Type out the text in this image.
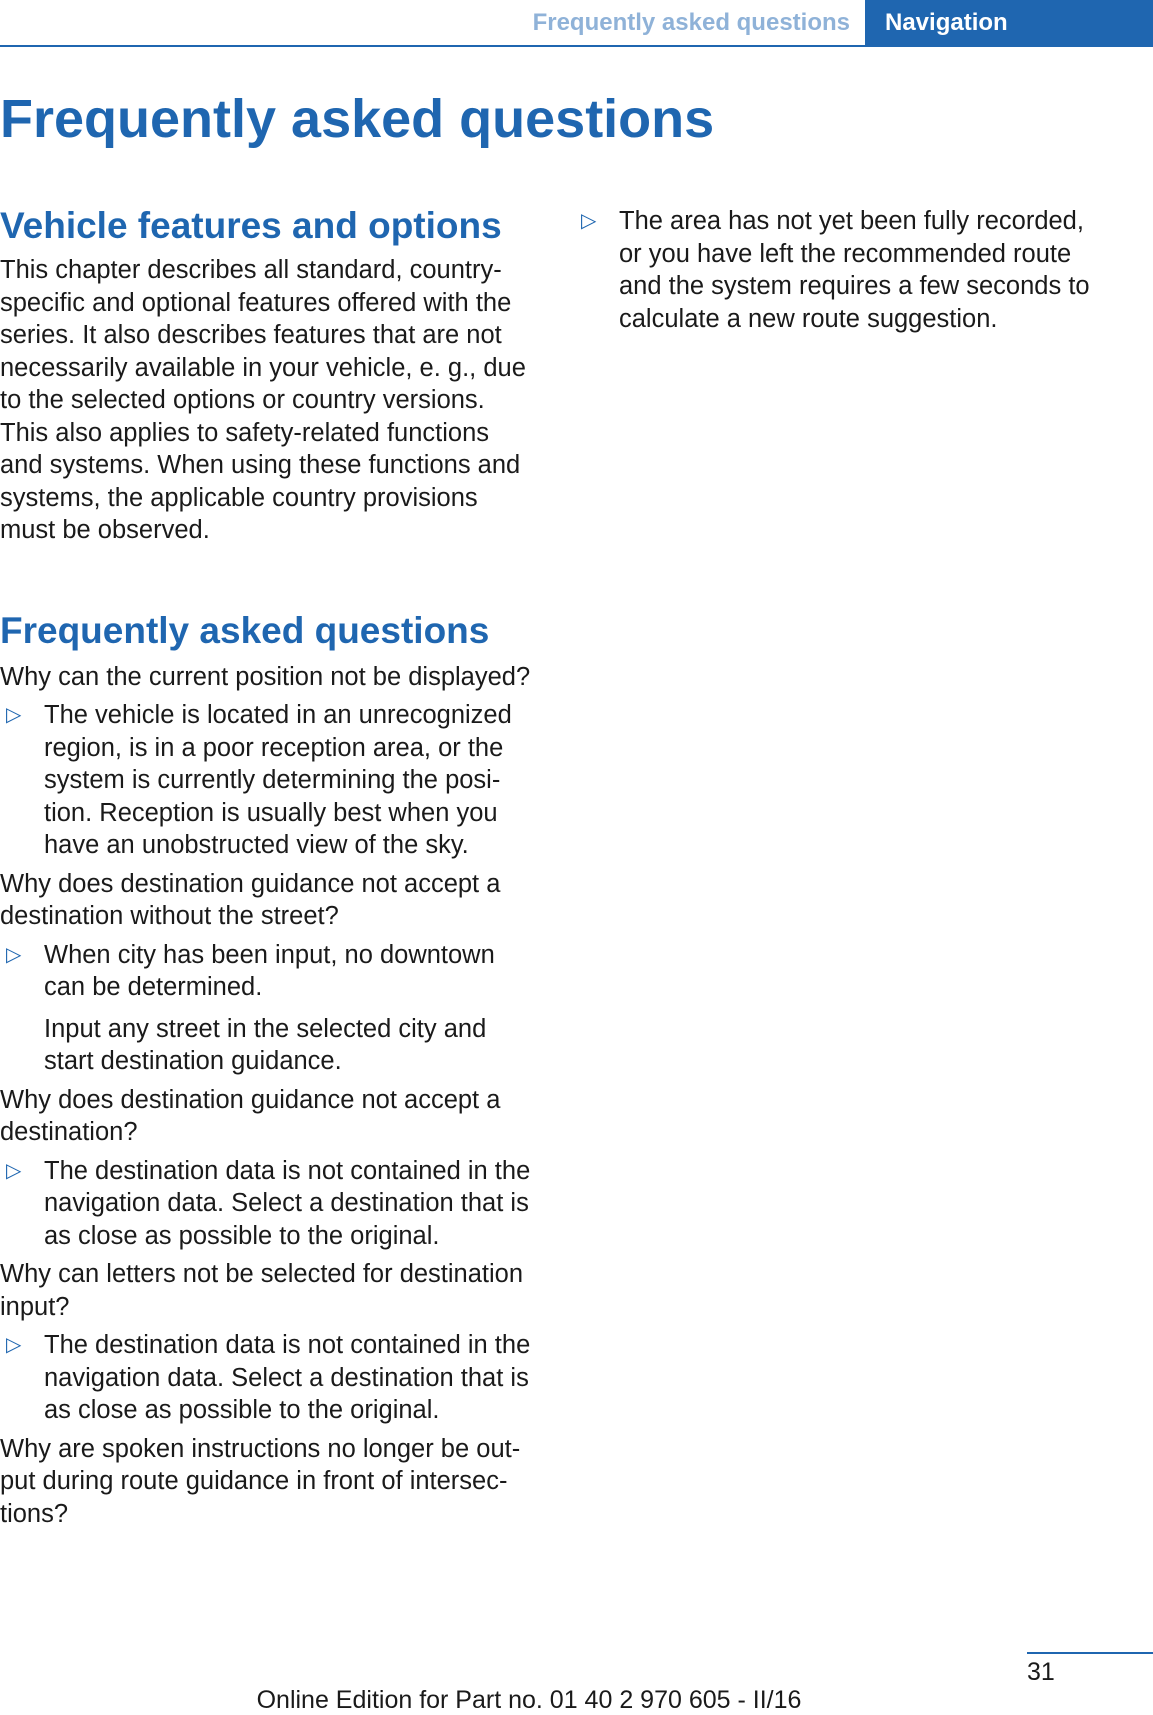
Frequently asked questions	Navigation
Frequently asked questions
Vehicle features and options

This chapter describes all standard, country-
specific and optional features offered with the
series. It also describes features that are not
necessarily available in your vehicle, e. g., due
to the selected options or country versions.
This also applies to safety-related functions
and systems. When using these functions and
systems, the applicable country provisions
must be observed.

Frequently asked questions

Why can the current position not be displayed?

▷ The vehicle is located in an unrecognized
region, is in a poor reception area, or the
system is currently determining the posi-
tion. Reception is usually best when you
have an unobstructed view of the sky.

Why does destination guidance not accept a
destination without the street?

▷ When city has been input, no downtown
can be determined.

Input any street in the selected city and
start destination guidance.

Why does destination guidance not accept a
destination?

▷ The destination data is not contained in the
navigation data. Select a destination that is
as close as possible to the original.

Why can letters not be selected for destination
input?

▷ The destination data is not contained in the
navigation data. Select a destination that is
as close as possible to the original.

Why are spoken instructions no longer be out-
put during route guidance in front of intersec-
tions?

▷ The area has not yet been fully recorded,
or you have left the recommended route
and the system requires a few seconds to
calculate a new route suggestion.

31
Online Edition for Part no. 01 40 2 970 605 - II/16
